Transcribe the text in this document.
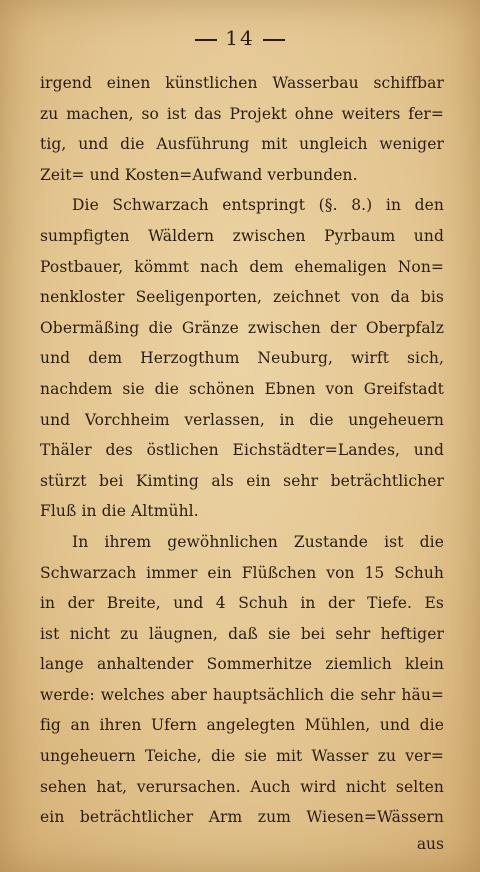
14
irgend einen künstlichen Wasserbau schiffbar
zu machen, so ist das Projekt ohne weiters fer=
tig, und die Ausführung mit ungleich weniger
Zeit= und Kosten=Aufwand verbunden.
Die Schwarzach entspringt (§. 8.) in den
sumpfigten Wäldern zwischen Pyrbaum und
Postbauer, kömmt nach dem ehemaligen Non=
nenkloster Seeligenporten, zeichnet von da bis
Obermäßing die Gränze zwischen der Oberpfalz
und dem Herzogthum Neuburg, wirft sich,
nachdem sie die schönen Ebnen von Greifstadt
und Vorchheim verlassen, in die ungeheuern
Thäler des östlichen Eichstädter=Landes, und
stürzt bei Kimting als ein sehr beträchtlicher
Fluß in die Altmühl.
In ihrem gewöhnlichen Zustande ist die
Schwarzach immer ein Flüßchen von 15 Schuh
in der Breite, und 4 Schuh in der Tiefe. Es
ist nicht zu läugnen, daß sie bei sehr heftiger
lange anhaltender Sommerhitze ziemlich klein
werde: welches aber hauptsächlich die sehr häu=
fig an ihren Ufern angelegten Mühlen, und die
ungeheuern Teiche, die sie mit Wasser zu ver=
sehen hat, verursachen. Auch wird nicht selten
ein beträchtlicher Arm zum Wiesen=Wässern
aus
